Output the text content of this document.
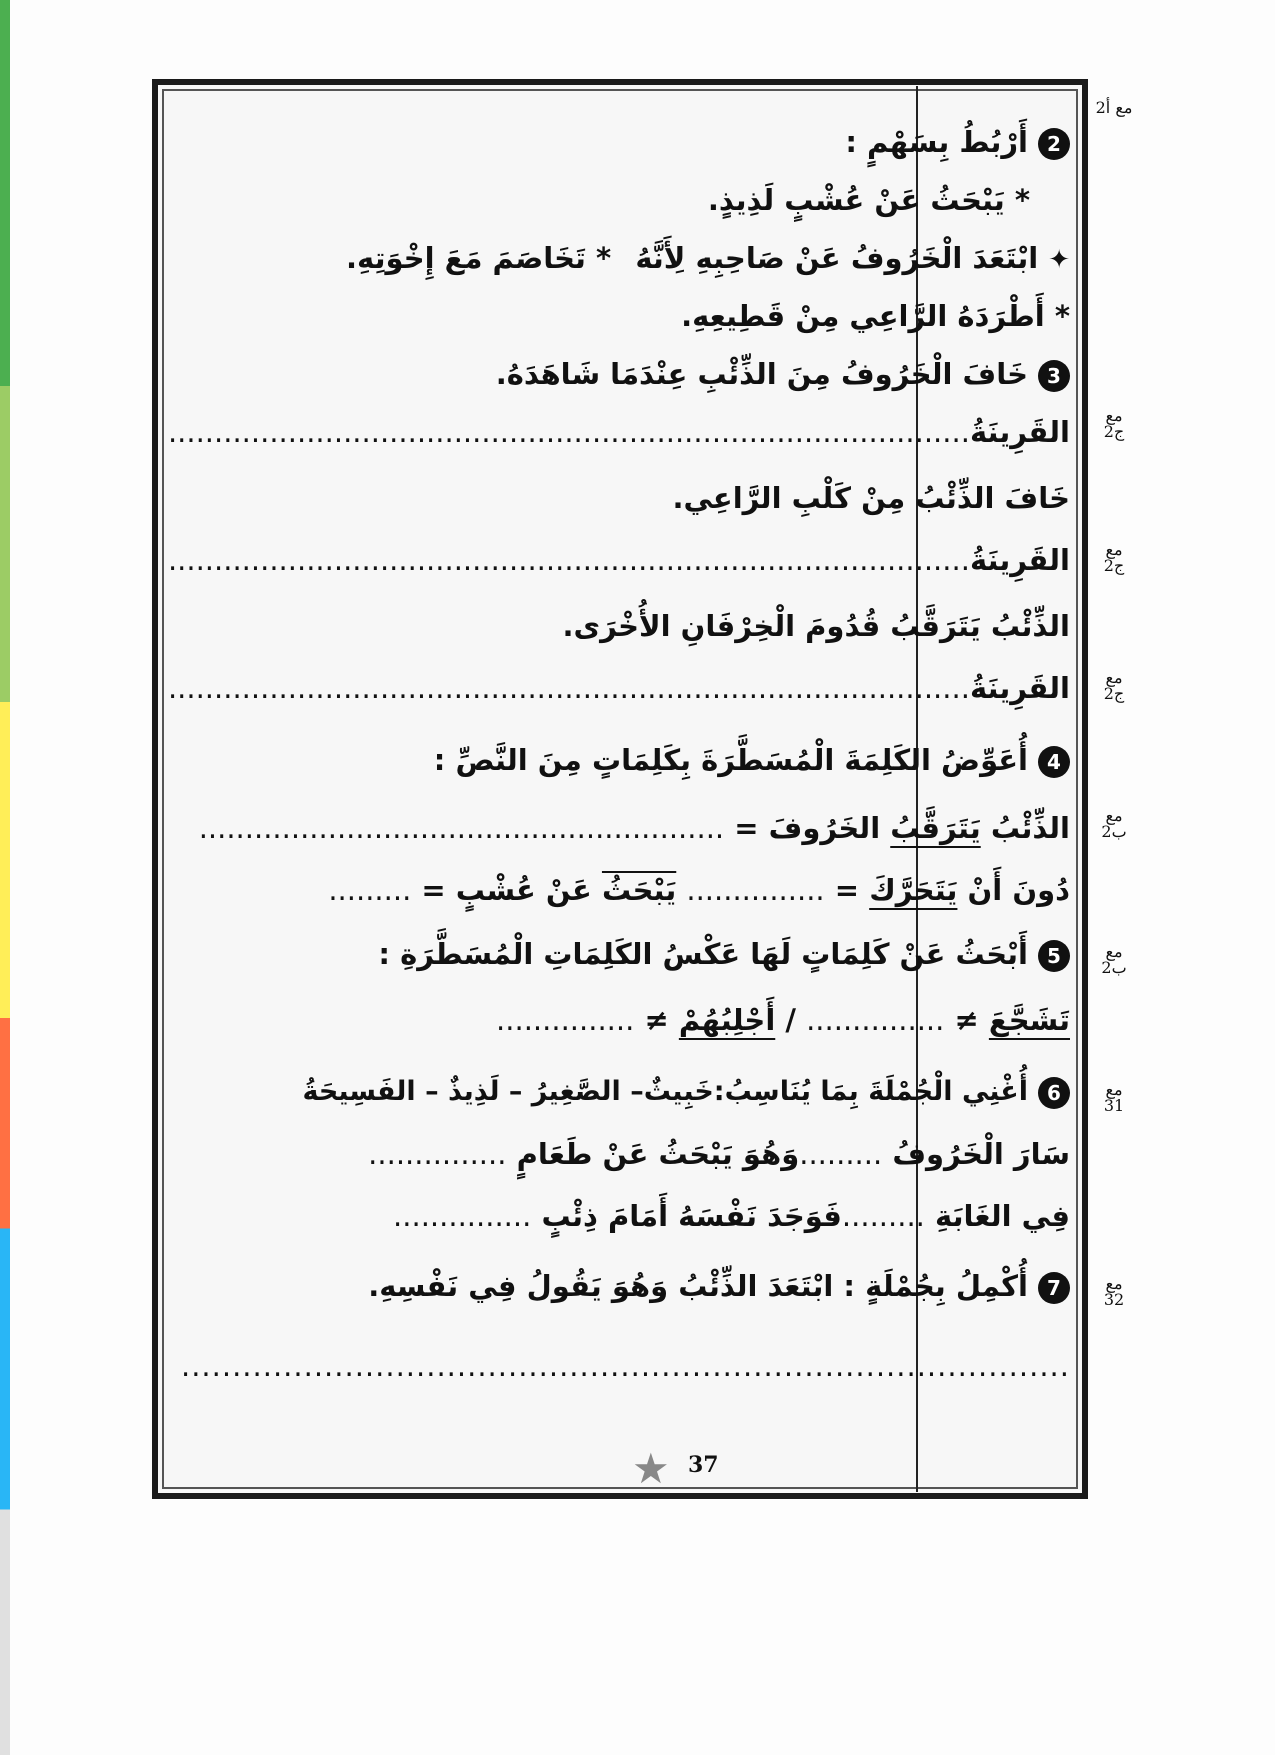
مع أ2
مع ج2
مع ج2
مع ج2
مع ب2
مع ب2
مع 31
مع 32
2أَرْبُطُ بِسَهْمٍ :
* يَبْحَثُ عَنْ عُشْبٍ لَذِيذٍ.
✦ابْتَعَدَ الْخَرُوفُ عَنْ صَاحِبِهِ لِأَنَّهُ * تَخَاصَمَ مَعَ إِخْوَتِهِ.
* أَطْرَدَهُ الرَّاعِي مِنْ قَطِيعِهِ.
3خَافَ الْخَرُوفُ مِنَ الذِّئْبِ عِنْدَمَا شَاهَدَهُ.
القَرِينَةُ.......................................................................................
خَافَ الذِّئْبُ مِنْ كَلْبِ الرَّاعِي.
القَرِينَةُ.......................................................................................
الذِّئْبُ يَتَرَقَّبُ قُدُومَ الْخِرْفَانِ الأُخْرَى.
القَرِينَةُ.......................................................................................
4أُعَوِّضُ الكَلِمَةَ الْمُسَطَّرَةَ بِكَلِمَاتٍ مِنَ النَّصِّ :
الذِّئْبُ يَتَرَقَّبُ الخَرُوفَ = .........................................................
دُونَ أَنْ يَتَحَرَّكَ = ............... يَبْحَثُ عَنْ عُشْبٍ = .........
5أَبْحَثُ عَنْ كَلِمَاتٍ لَهَا عَكْسُ الكَلِمَاتِ الْمُسَطَّرَةِ :
تَشَجَّعَ ≠ ............... / أَجْلِبُهُمْ ≠ ...............
6أُغْنِي الْجُمْلَةَ بِمَا يُنَاسِبُ:خَبِيثٌ– الصَّغِيرُ – لَذِيذٌ – الفَسِيحَةُ
سَارَ الْخَرُوفُ .........وَهُوَ يَبْحَثُ عَنْ طَعَامٍ ...............
فِي الغَابَةِ .........فَوَجَدَ نَفْسَهُ أَمَامَ ذِئْبٍ ...............
7أُكْمِلُ بِجُمْلَةٍ : ابْتَعَدَ الذِّئْبُ وَهُوَ يَقُولُ فِي نَفْسِهِ.
.......................................................................................
★ 37
